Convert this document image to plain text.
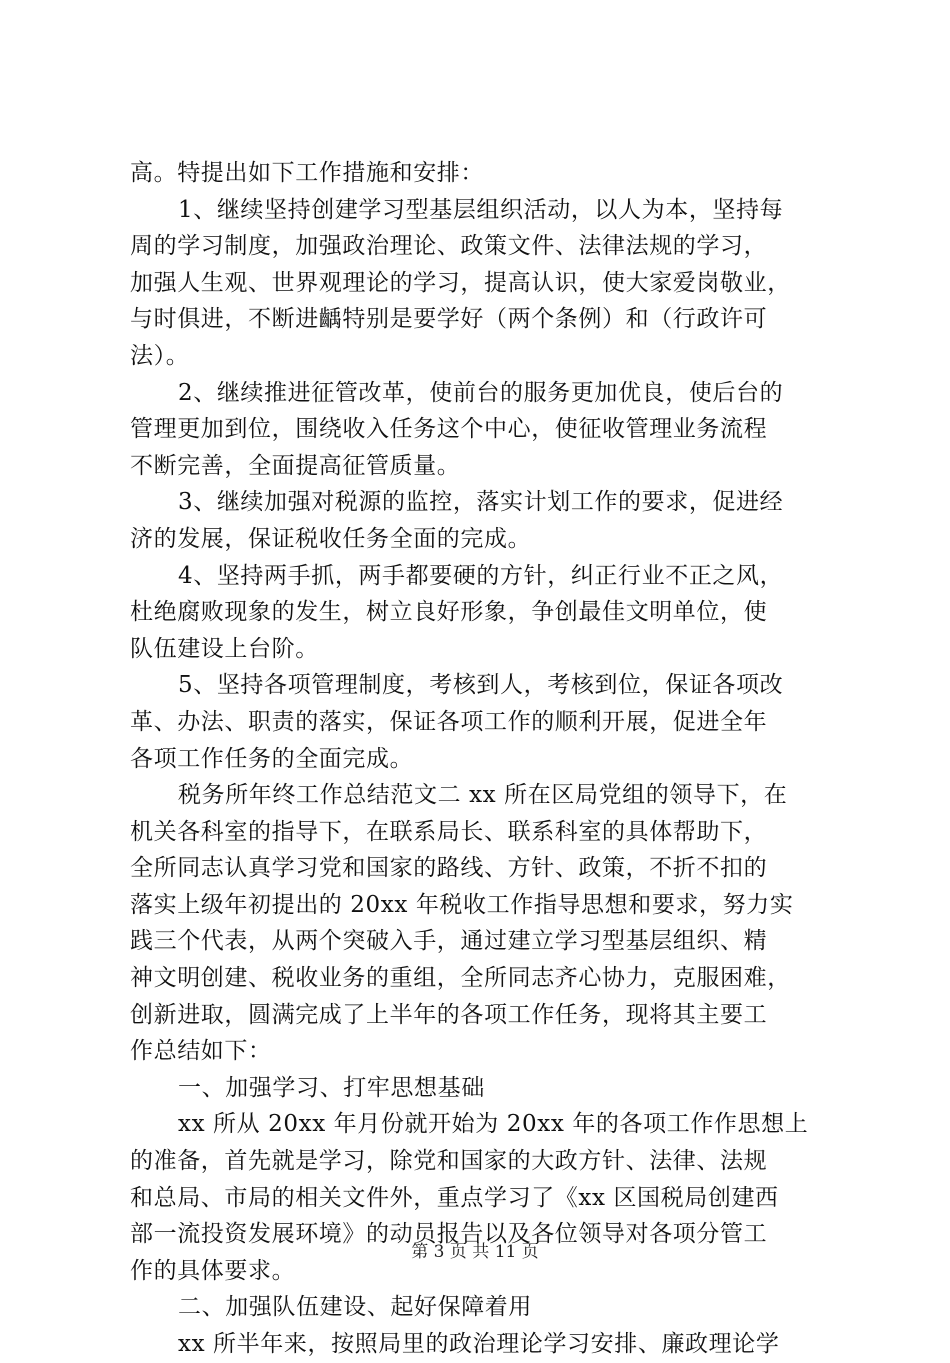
高。特提出如下工作措施和安排：
1、继续坚持创建学习型基层组织活动，以人为本，坚持每
周的学习制度，加强政治理论、政策文件、法律法规的学习，
加强人生观、世界观理论的学习，提高认识，使大家爱岗敬业，
与时俱进，不断进齲特别是要学好（两个条例）和（行政许可
法）。
2、继续推进征管改革，使前台的服务更加优良，使后台的
管理更加到位，围绕收入任务这个中心，使征收管理业务流程
不断完善，全面提高征管质量。
3、继续加强对税源的监控，落实计划工作的要求，促进经
济的发展，保证税收任务全面的完成。
4、坚持两手抓，两手都要硬的方针，纠正行业不正之风，
杜绝腐败现象的发生，树立良好形象，争创最佳文明单位，使
队伍建设上台阶。
5、坚持各项管理制度，考核到人，考核到位，保证各项改
革、办法、职责的落实，保证各项工作的顺利开展，促进全年
各项工作任务的全面完成。
税务所年终工作总结范文二 xx 所在区局党组的领导下，在
机关各科室的指导下，在联系局长、联系科室的具体帮助下，
全所同志认真学习党和国家的路线、方针、政策，不折不扣的
落实上级年初提出的 20xx 年税收工作指导思想和要求，努力实
践三个代表，从两个突破入手，通过建立学习型基层组织、精
神文明创建、税收业务的重组，全所同志齐心协力，克服困难，
创新进取，圆满完成了上半年的各项工作任务，现将其主要工
作总结如下：
一、加强学习、打牢思想基础
xx 所从 20xx 年月份就开始为 20xx 年的各项工作作思想上
的准备，首先就是学习，除党和国家的大政方针、法律、法规
和总局、市局的相关文件外，重点学习了《xx 区国税局创建西
部一流投资发展环境》的动员报告以及各位领导对各项分管工
作的具体要求。
二、加强队伍建设、起好保障着用
xx 所半年来，按照局里的政治理论学习安排、廉政理论学
第 3 页 共 11 页
